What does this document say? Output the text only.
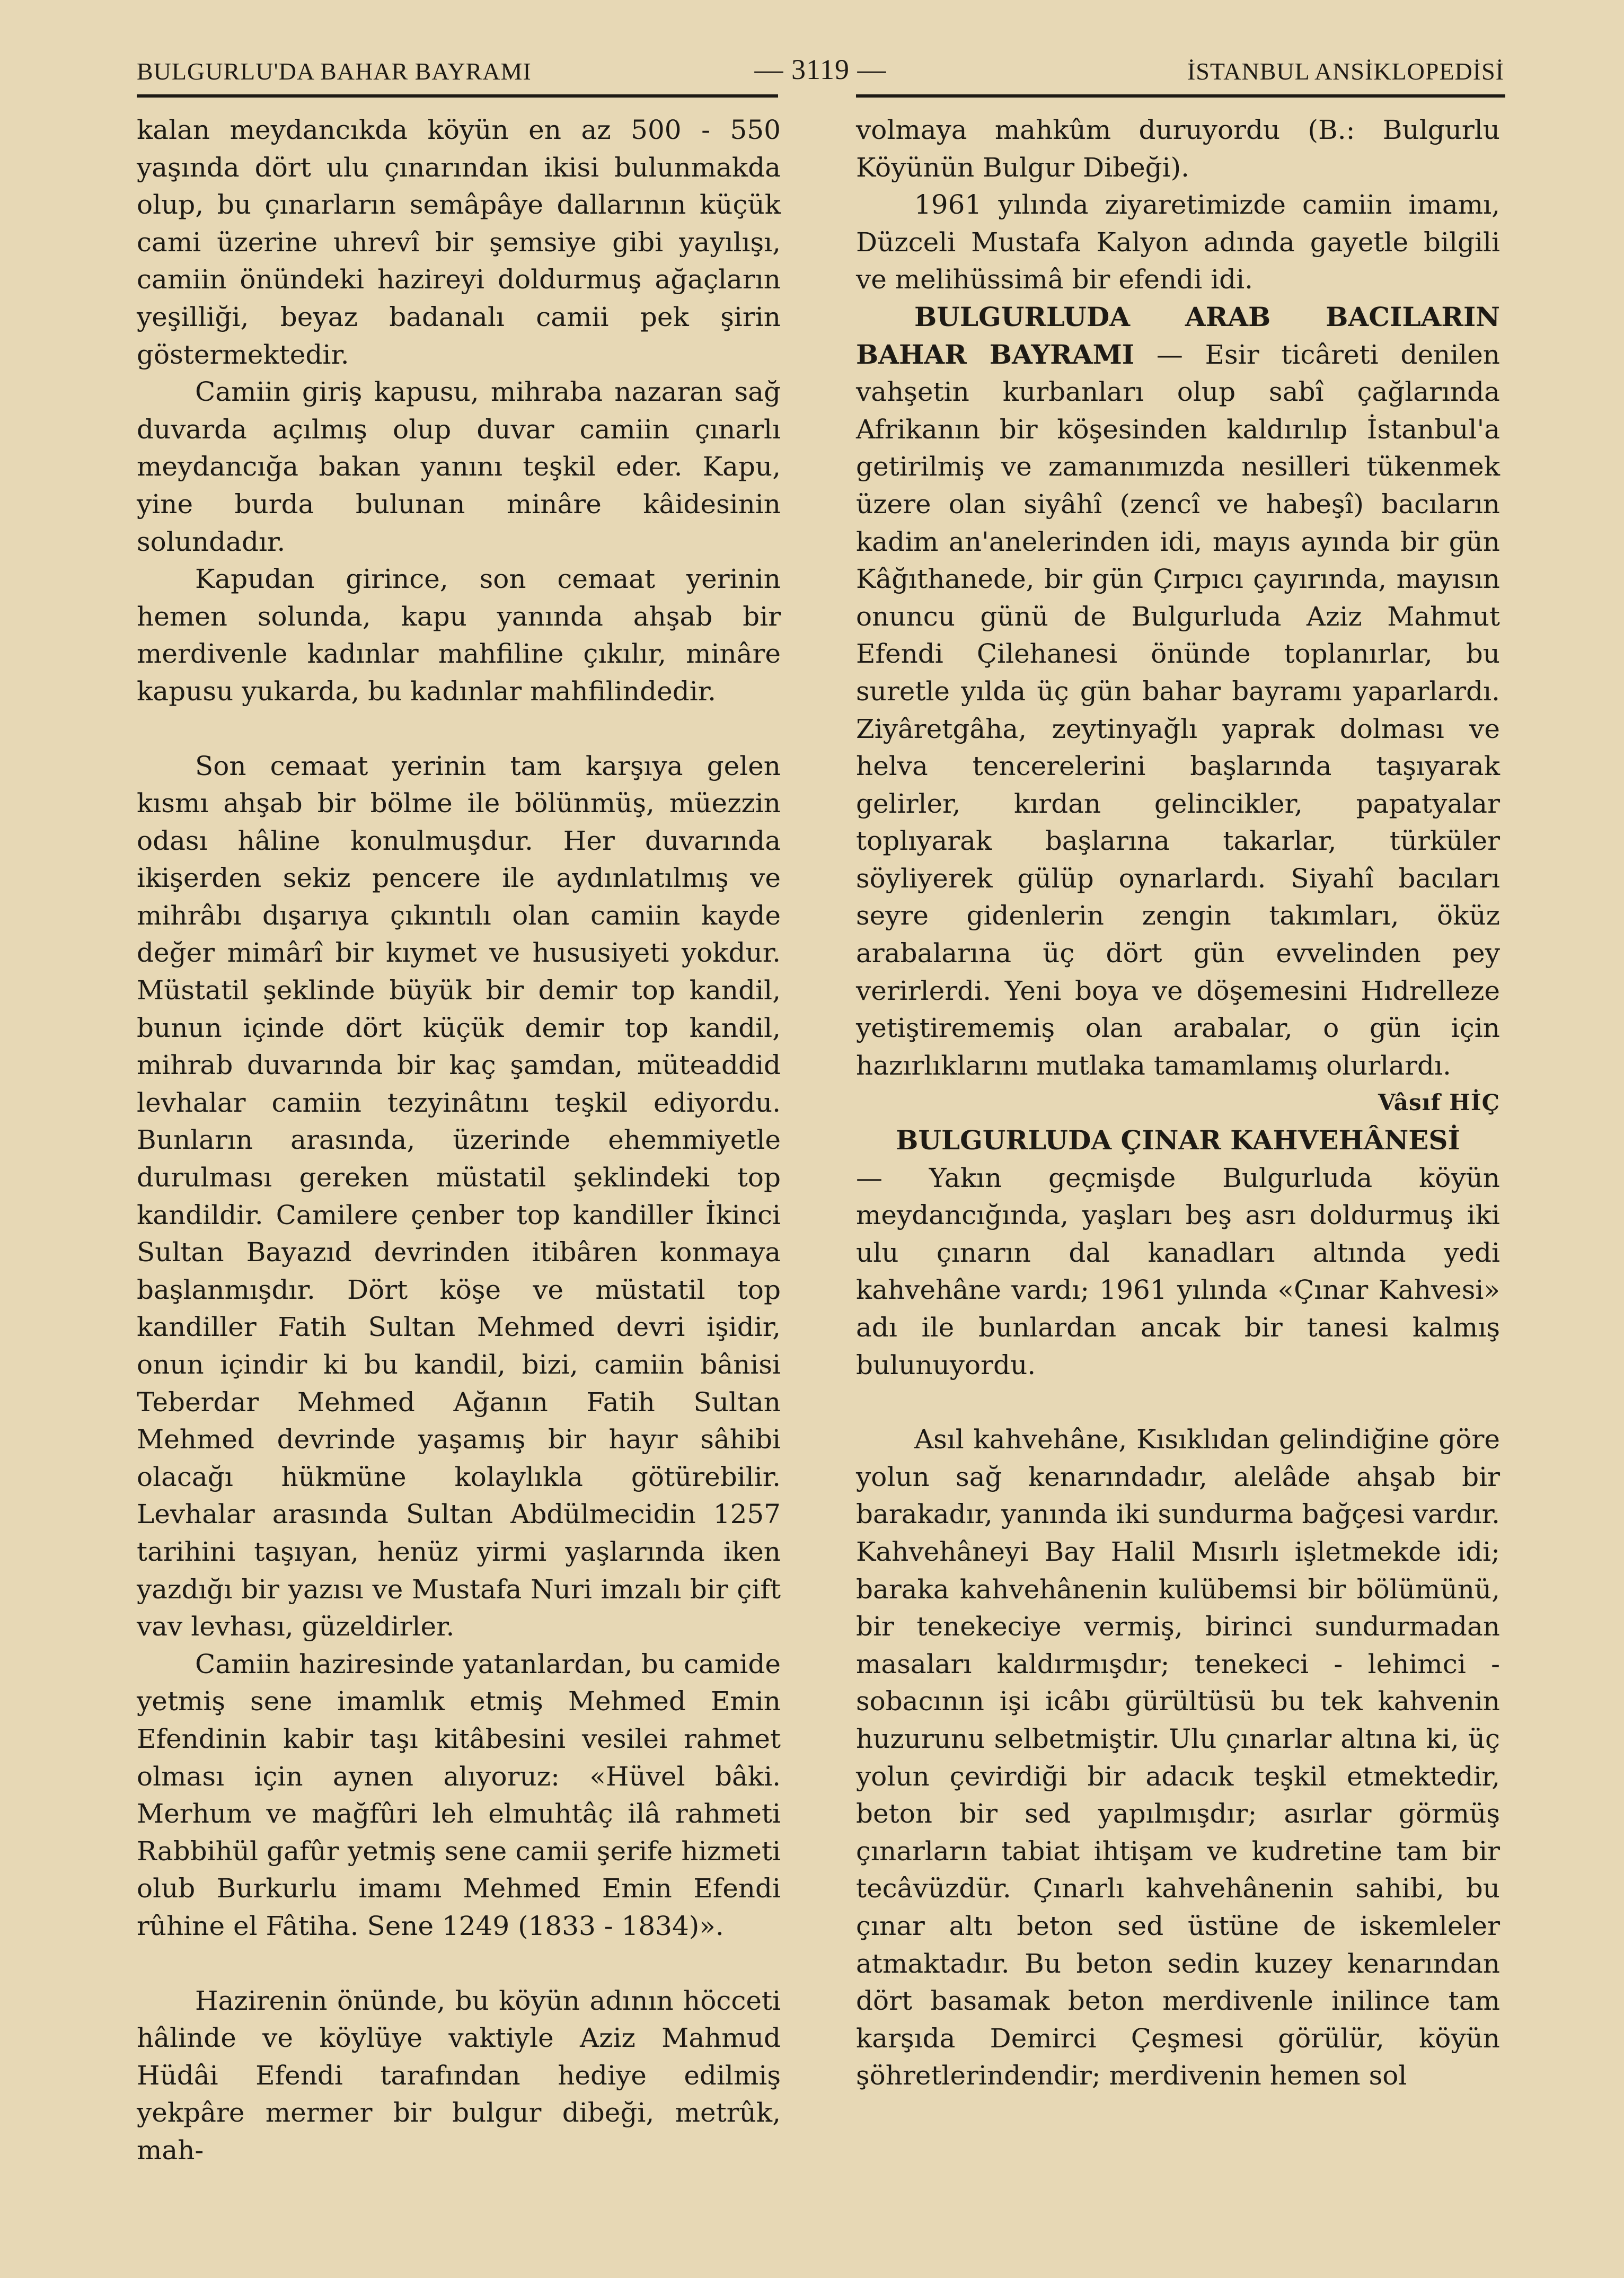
BULGURLU'DA BAHAR BAYRAMI	— 3119 —	İSTANBUL ANSİKLOPEDİSİ

kalan meydancıkda köyün en az 500 - 550 yaşında dört ulu çınarından ikisi bulunmakda olup, bu çınarların semâpâye dallarının küçük cami üzerine uhrevî bir şemsiye gibi yayılışı, camiin önündeki hazireyi doldurmuş ağaçların yeşilliği, beyaz badanalı camii pek şirin göstermektedir.

Camiin giriş kapusu, mihraba nazaran sağ duvarda açılmış olup duvar camiin çınarlı meydancığa bakan yanını teşkil eder. Kapu, yine burda bulunan minâre kâidesinin solundadır.

Kapudan girince, son cemaat yerinin hemen solunda, kapu yanında ahşab bir merdivenle kadınlar mahfiline çıkılır, minâre kapusu yukarda, bu kadınlar mahfilindedir.

Son cemaat yerinin tam karşıya gelen kısmı ahşab bir bölme ile bölünmüş, müezzin odası hâline konulmuşdur. Her duvarında ikişerden sekiz pencere ile aydınlatılmış ve mihrâbı dışarıya çıkıntılı olan camiin kayde değer mimârî bir kıymet ve hususiyeti yokdur. Müstatil şeklinde büyük bir demir top kandil, bunun içinde dört küçük demir top kandil, mihrab duvarında bir kaç şamdan, müteaddid levhalar camiin tezyinâtını teşkil ediyordu. Bunların arasında, üzerinde ehemmiyetle durulması gereken müstatil şeklindeki top kandildir. Camilere çenber top kandiller İkinci Sultan Bayazıd devrinden itibâren konmaya başlanmışdır. Dört köşe ve müstatil top kandiller Fatih Sultan Mehmed devri işidir, onun içindir ki bu kandil, bizi, camiin bânisi Teberdar Mehmed Ağanın Fatih Sultan Mehmed devrinde yaşamış bir hayır sâhibi olacağı hükmüne kolaylıkla götürebilir. Levhalar arasında Sultan Abdülmecidin 1257 tarihini taşıyan, henüz yirmi yaşlarında iken yazdığı bir yazısı ve Mustafa Nuri imzalı bir çift vav levhası, güzeldirler.

Camiin haziresinde yatanlardan, bu camide yetmiş sene imamlık etmiş Mehmed Emin Efendinin kabir taşı kitâbesini vesilei rahmet olması için aynen alıyoruz: «Hüvel bâki. Merhum ve mağfûri leh elmuhtâç ilâ rahmeti Rabbihül gafûr yetmiş sene camii şerife hizmeti olub Burkurlu imamı Mehmed Emin Efendi rûhine el Fâtiha. Sene 1249 (1833 - 1834)».

Hazirenin önünde, bu köyün adının höcceti hâlinde ve köylüye vaktiyle Aziz Mahmud Hüdâi Efendi tarafından hediye edilmiş yekpâre mermer bir bulgur dibeği, metrûk, mah-

volmaya mahkûm duruyordu (B.: Bulgurlu Köyünün Bulgur Dibeği).

1961 yılında ziyaretimizde camiin imamı, Düzceli Mustafa Kalyon adında gayetle bilgili ve melihüssimâ bir efendi idi.

BULGURLUDA ARAB BACILARIN BAHAR BAYRAMI — Esir ticâreti denilen vahşetin kurbanları olup sabî çağlarında Afrikanın bir köşesinden kaldırılıp İstanbul'a getirilmiş ve zamanımızda nesilleri tükenmek üzere olan siyâhî (zencî ve habeşî) bacıların kadim an'anelerinden idi, mayıs ayında bir gün Kâğıthanede, bir gün Çırpıcı çayırında, mayısın onuncu günü de Bulgurluda Aziz Mahmut Efendi Çilehanesi önünde toplanırlar, bu suretle yılda üç gün bahar bayramı yaparlardı. Ziyâretgâha, zeytinyağlı yaprak dolması ve helva tencerelerini başlarında taşıyarak gelirler, kırdan gelincikler, papatyalar toplıyarak başlarına takarlar, türküler söyliyerek gülüp oynarlardı. Siyahî bacıları seyre gidenlerin zengin takımları, öküz arabalarına üç dört gün evvelinden pey verirlerdi. Yeni boya ve döşemesini Hıdrelleze yetiştirememiş olan arabalar, o gün için hazırlıklarını mutlaka tamamlamış olurlardı.

Vâsıf HİÇ
BULGURLUDA ÇINAR KAHVEHÂNESİ

— Yakın geçmişde Bulgurluda köyün meydancığında, yaşları beş asrı doldurmuş iki ulu çınarın dal kanadları altında yedi kahvehâne vardı; 1961 yılında «Çınar Kahvesi» adı ile bunlardan ancak bir tanesi kalmış bulunuyordu.

Asıl kahvehâne, Kısıklıdan gelindiğine göre yolun sağ kenarındadır, alelâde ahşab bir barakadır, yanında iki sundurma bağçesi vardır. Kahvehâneyi Bay Halil Mısırlı işletmekde idi; baraka kahvehânenin kulübemsi bir bölümünü, bir tenekeciye vermiş, birinci sundurmadan masaları kaldırmışdır; tenekeci - lehimci - sobacının işi icâbı gürültüsü bu tek kahvenin huzurunu selbetmiştir. Ulu çınarlar altına ki, üç yolun çevirdiği bir adacık teşkil etmektedir, beton bir sed yapılmışdır; asırlar görmüş çınarların tabiat ihtişam ve kudretine tam bir tecâvüzdür. Çınarlı kahvehânenin sahibi, bu çınar altı beton sed üstüne de iskemleler atmaktadır. Bu beton sedin kuzey kenarından dört basamak beton merdivenle inilince tam karşıda Demirci Çeşmesi görülür, köyün şöhretlerindendir; merdivenin hemen sol
